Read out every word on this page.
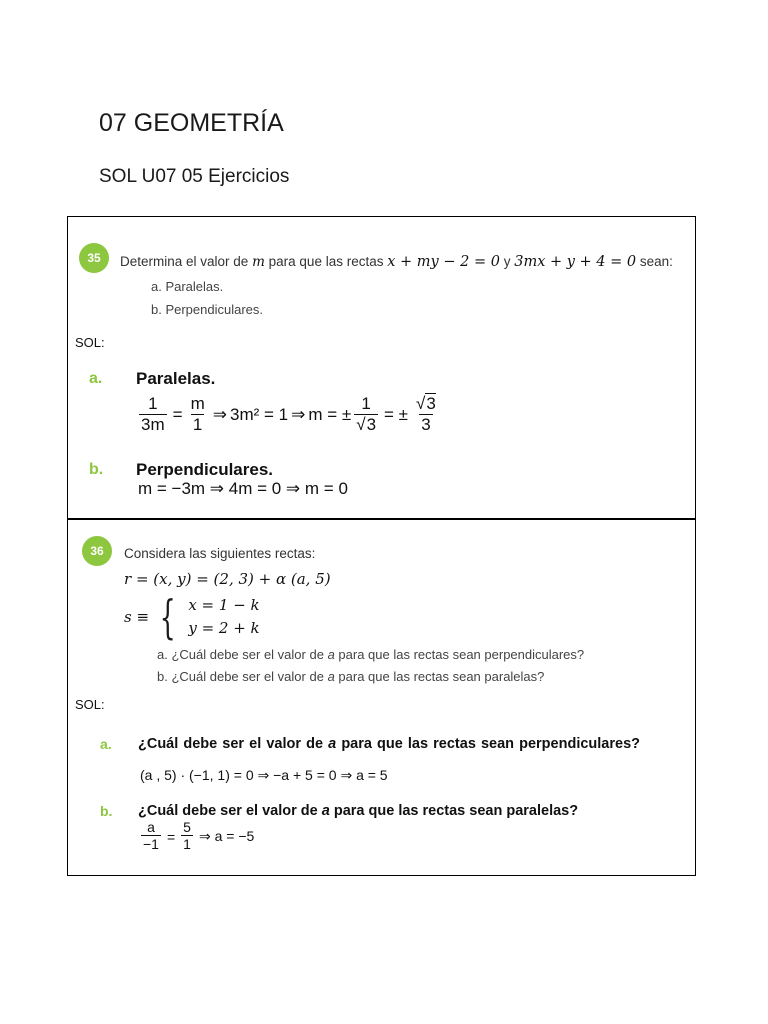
07 GEOMETRÍA
SOL U07 05 Ejercicios
35	Determina el valor de m para que las rectas x + my − 2 = 0 y 3mx + y + 4 = 0 sean:
a. Paralelas.
b. Perpendiculares.
SOL:
a. Paralelas.
$\frac{1}{3m} = \frac{m}{1}$ ⇒ 3m² = 1 ⇒ m = ± $\frac{1}{√3}$ = ± $\frac{√3}{3}$
b. Perpendiculares.
m = −3m ⇒ 4m = 0 ⇒ m = 0
36	Considera las siguientes rectas:
r = (x, y) = (2, 3) + α (a, 5)
s ≡ { x = 1 − k
y = 2 + k
a. ¿Cuál debe ser el valor de a para que las rectas sean perpendiculares?
b. ¿Cuál debe ser el valor de a para que las rectas sean paralelas?
SOL:
a. ¿Cuál debe ser el valor de a para que las rectas sean perpendiculares?
(a , 5) · (−1, 1) = 0 ⇒ −a + 5 = 0 ⇒ a = 5
b. ¿Cuál debe ser el valor de a para que las rectas sean paralelas?
$\frac{a}{-1} = \frac{5}{1}$ ⇒ a = −5
